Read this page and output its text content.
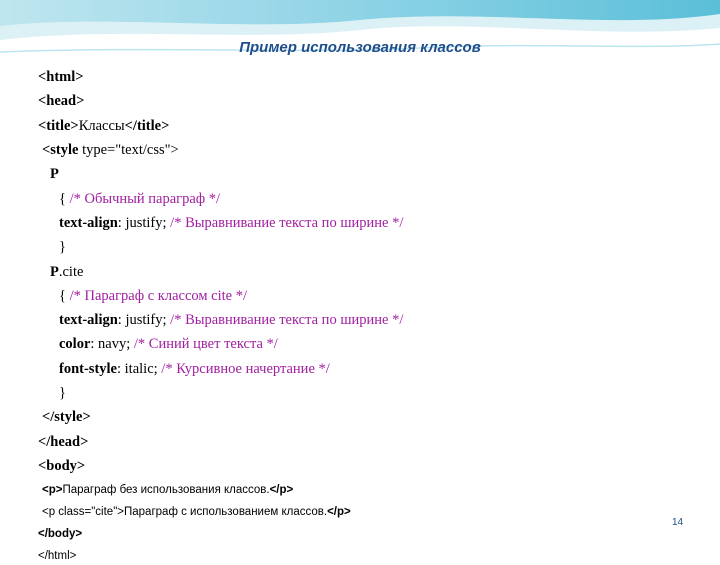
Пример использования классов
<html>
<head>
<title>Классы</title>
<style type="text/css">
P
{ /* Обычный параграф */
text-align: justify; /* Выравнивание текста по ширине */
}
P.cite
{ /* Параграф с классом cite */
text-align: justify; /* Выравнивание текста по ширине */
color: navy; /* Синий цвет текста */
font-style: italic; /* Курсивное начертание */
}
</style>
</head>
<body>
<p>Параграф без использования классов.</p>
<p class="cite">Параграф с использованием классов.</p>
</body>
</html>
14
